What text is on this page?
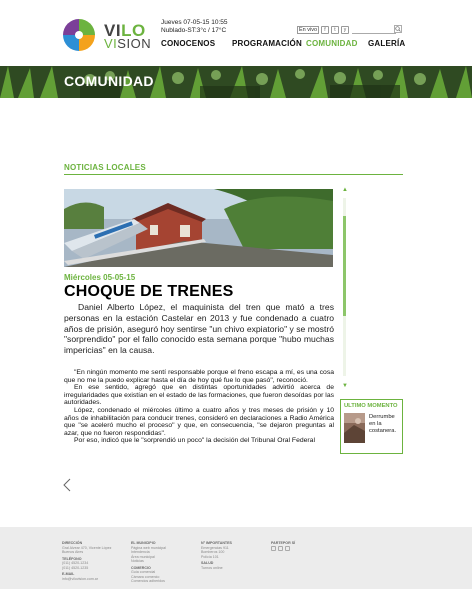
VILO
VISION
Jueves 07-05-15 10:55
Nublado-ST:3°c / 17°C
CONOCENOS PROGRAMACIÓN COMUNIDAD GALERÍA
En vivo	f	t	y
COMUNIDAD
NOTICIAS LOCALES
Miércoles 05-05-15
CHOQUE DE TRENES

Daniel Alberto López, el maquinista del tren que mató a tres personas en la estación Castelar en 2013 y fue condenado a cuatro años de prisión, aseguró hoy sentirse "un chivo expiatorio" y se mostró "sorprendido" por el fallo conocido esta semana porque "hubo muchas impericias" en la causa.

"En ningún momento me sentí responsable porque el freno escapa a mí, es una cosa que no me la puedo explicar hasta el día de hoy qué fue lo que pasó", reconoció.

En ese sentido, agregó que en distintas oportunidades advirtió acerca de irregularidades que existían en el estado de las formaciones, que fueron desoídas por las autoridades.

López, condenado el miércoles último a cuatro años y tres meses de prisión y 10 años de inhabilitación para conducir trenes, consideró en declaraciones a Radio América que "se aceleró mucho el proceso" y que, en consecuencia, "se dejaron preguntas al azar, que no fueron respondidas".

Por eso, indicó que le "sorprendió un poco" la decisión del Tribunal Oral Federal

▲
▼
ULTIMO MOMENTO
Derrumbe en la costanera.
DIRECCIÓN
Gral Alvear 470, Vicente López
Buenos Aires
TELÉFONO
(011) 4520-1234
(011) 4520-1235
E-MAIL
info@vilovision.com.ar
EL MUNICIPIO
Página web municipal
Intendencia
Área municipal
Noticias
COMERCIO
Guía comercial
Cámara comercio
Comercios adheridos
N° IMPORTANTES
Emergencias 911
Bomberos 100
Policía 101
SALUD
Turnos online
PARTEPOR SÍ
